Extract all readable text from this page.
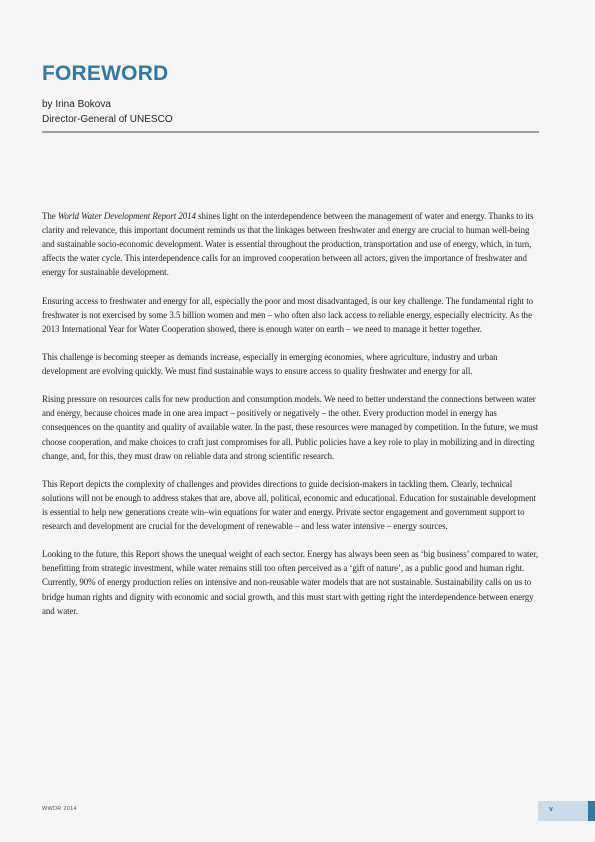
FOREWORD
by Irina Bokova
Director-General of UNESCO

The World Water Development Report 2014 shines light on the interdependence between the management of water and energy. Thanks to its clarity and relevance, this important document reminds us that the linkages between freshwater and energy are crucial to human well-being and sustainable socio-economic development. Water is essential throughout the production, transportation and use of energy, which, in turn, affects the water cycle. This interdependence calls for an improved cooperation between all actors, given the importance of freshwater and energy for sustainable development.

Ensuring access to freshwater and energy for all, especially the poor and most disadvantaged, is our key challenge. The fundamental right to freshwater is not exercised by some 3.5 billion women and men – who often also lack access to reliable energy, especially electricity. As the 2013 International Year for Water Cooperation showed, there is enough water on earth – we need to manage it better together.

This challenge is becoming steeper as demands increase, especially in emerging economies, where agriculture, industry and urban development are evolving quickly. We must find sustainable ways to ensure access to quality freshwater and energy for all.

Rising pressure on resources calls for new production and consumption models. We need to better understand the connections between water and energy, because choices made in one area impact – positively or negatively – the other. Every production model in energy has consequences on the quantity and quality of available water. In the past, these resources were managed by competition. In the future, we must choose cooperation, and make choices to craft just compromises for all. Public policies have a key role to play in mobilizing and in directing change, and, for this, they must draw on reliable data and strong scientific research.

This Report depicts the complexity of challenges and provides directions to guide decision-makers in tackling them. Clearly, technical solutions will not be enough to address stakes that are, above all, political, economic and educational. Education for sustainable development is essential to help new generations create win–win equations for water and energy. Private sector engagement and government support to research and development are crucial for the development of renewable – and less water intensive – energy sources.

Looking to the future, this Report shows the unequal weight of each sector. Energy has always been seen as ‘big business’ compared to water, benefitting from strategic investment, while water remains still too often perceived as a ‘gift of nature’, as a public good and human right. Currently, 90% of energy production relies on intensive and non-reusable water models that are not sustainable. Sustainability calls on us to bridge human rights and dignity with economic and social growth, and this must start with getting right the interdependence between energy and water.

WWDR 2014	v
